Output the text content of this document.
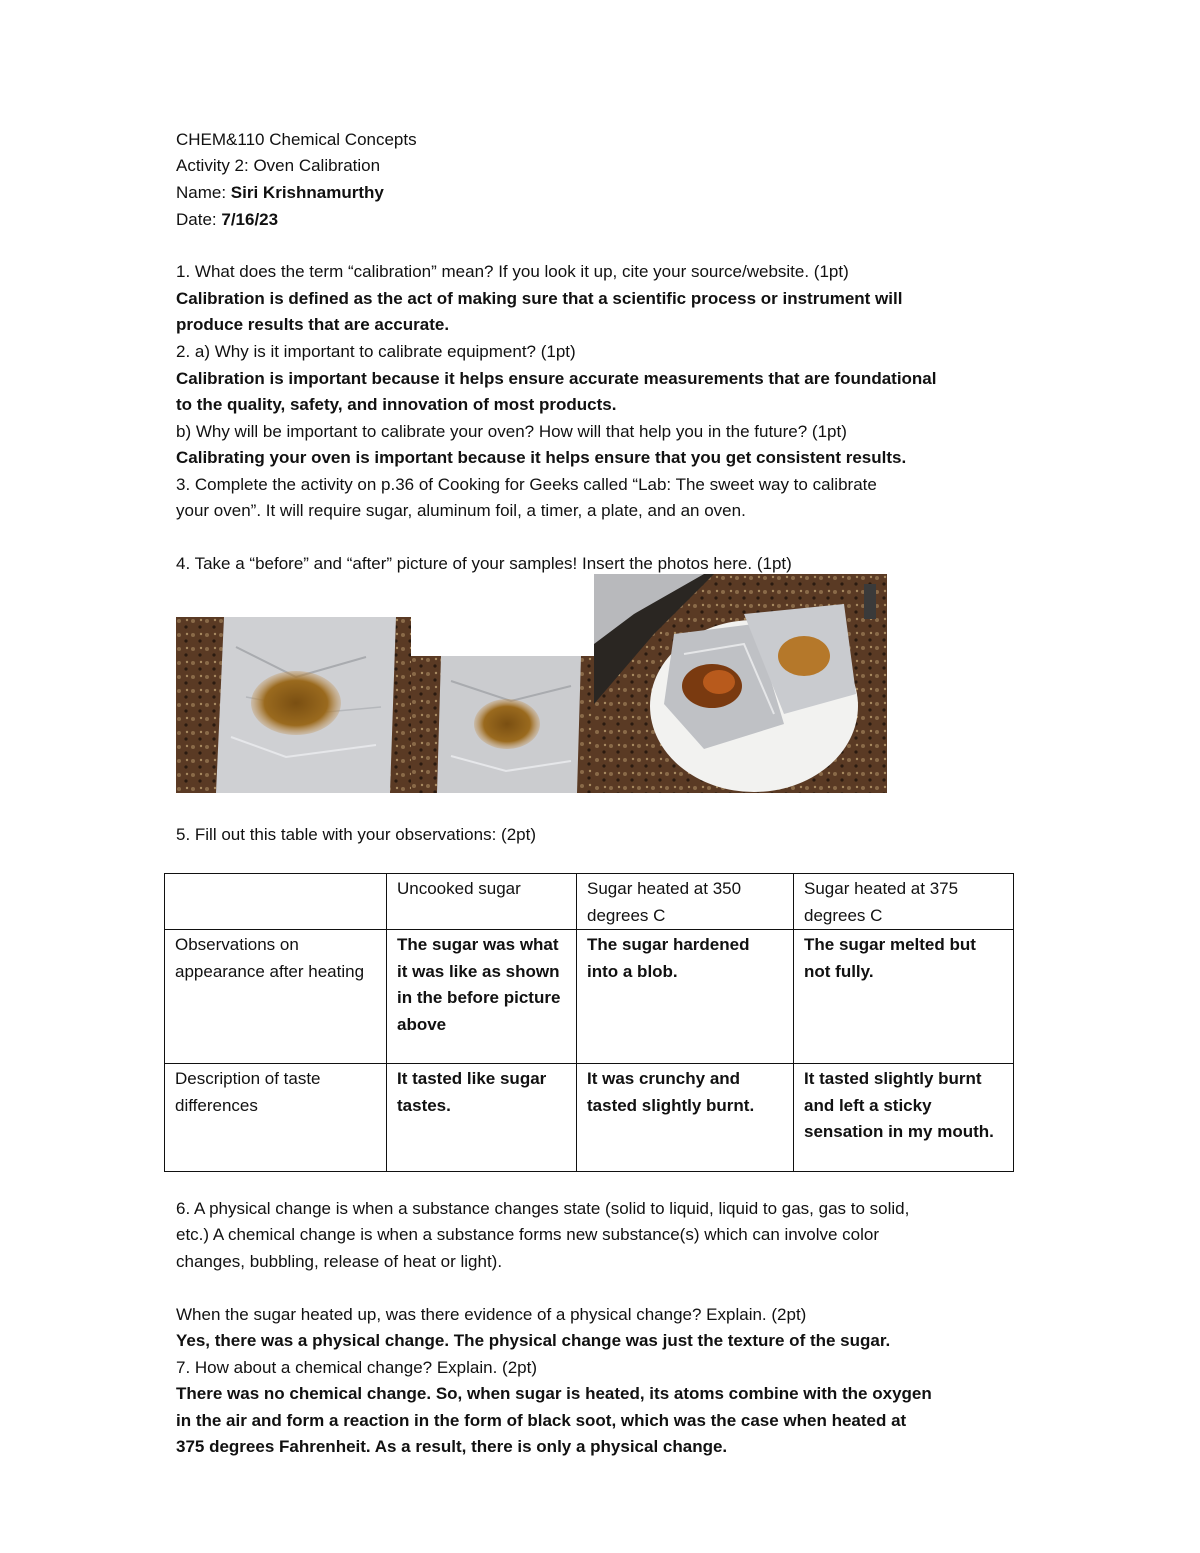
CHEM&110 Chemical Concepts
Activity 2: Oven Calibration
Name: Siri Krishnamurthy
Date: 7/16/23
1. What does the term “calibration” mean? If you look it up, cite your source/website. (1pt)
Calibration is defined as the act of making sure that a scientific process or instrument will
produce results that are accurate.
2. a) Why is it important to calibrate equipment? (1pt)
Calibration is important because it helps ensure accurate measurements that are foundational
to the quality, safety, and innovation of most products.
b) Why will be important to calibrate your oven? How will that help you in the future? (1pt)
Calibrating your oven is important because it helps ensure that you get consistent results.
3. Complete the activity on p.36 of Cooking for Geeks called “Lab: The sweet way to calibrate
your oven”. It will require sugar, aluminum foil, a timer, a plate, and an oven.
4. Take a “before” and “after” picture of your samples! Insert the photos here. (1pt)
5. Fill out this table with your observations: (2pt)
	Uncooked sugar	Sugar heated at 350 degrees C	Sugar heated at 375 degrees C
Observations on appearance after heating	The sugar was what it was like as shown in the before picture above	The sugar hardened into a blob.	The sugar melted but not fully.
Description of taste differences	It tasted like sugar tastes.	It was crunchy and tasted slightly burnt.	It tasted slightly burnt and left a sticky sensation in my mouth.
6. A physical change is when a substance changes state (solid to liquid, liquid to gas, gas to solid,
etc.) A chemical change is when a substance forms new substance(s) which can involve color
changes, bubbling, release of heat or light).
When the sugar heated up, was there evidence of a physical change? Explain. (2pt)
Yes, there was a physical change. The physical change was just the texture of the sugar.
7. How about a chemical change? Explain. (2pt)
There was no chemical change. So, when sugar is heated, its atoms combine with the oxygen
in the air and form a reaction in the form of black soot, which was the case when heated at
375 degrees Fahrenheit. As a result, there is only a physical change.
